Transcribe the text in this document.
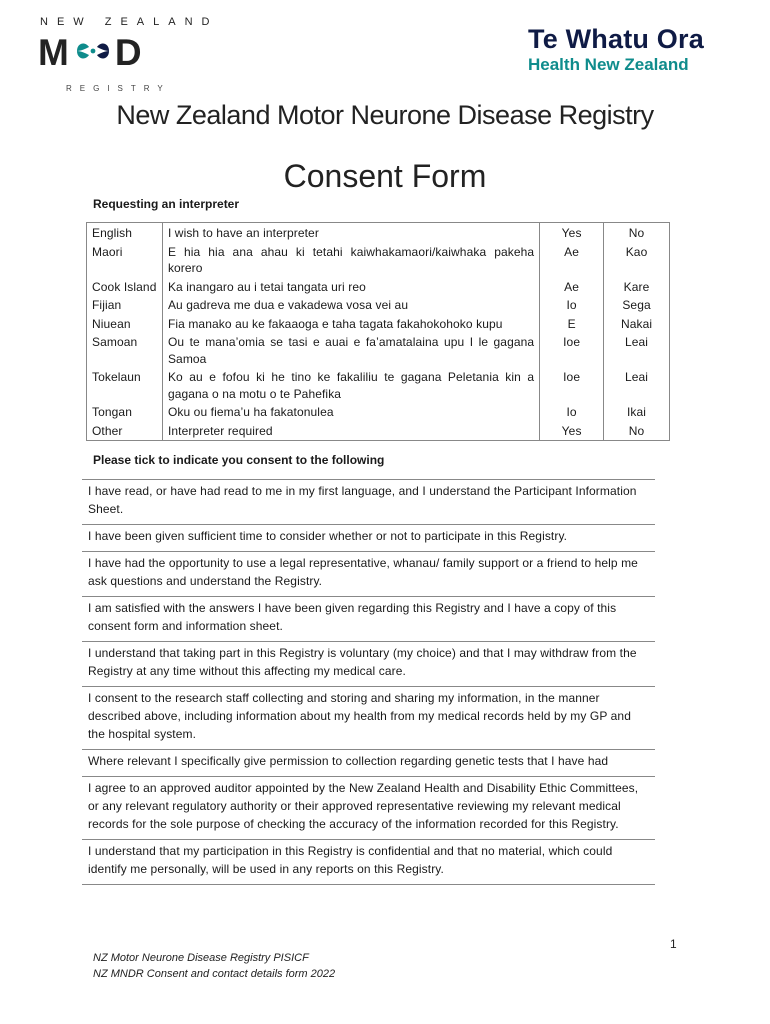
NEW ZEALAND
M D
REGISTRY
Te Whatu Ora
Health New Zealand
New Zealand Motor Neurone Disease Registry
Consent Form
Requesting an interpreter
English	I wish to have an interpreter	Yes	No
Maori	E hia hia ana ahau ki tetahi kaiwhakamaori/kaiwhaka pakeha korero	Ae	Kao
Cook Island	Ka inangaro au i tetai tangata uri reo	Ae	Kare
Fijian	Au gadreva me dua e vakadewa vosa vei au	Io	Sega
Niuean	Fia manako au ke fakaaoga e taha tagata fakahokohoko kupu	E	Nakai
Samoan	Ou te mana’omia se tasi e auai e fa’amatalaina upu I le gagana Samoa	Ioe	Leai
Tokelaun	Ko au e fofou ki he tino ke fakaliliu te gagana Peletania kin a gagana o na motu o te Pahefika	Ioe	Leai
Tongan	Oku ou fiema’u ha fakatonulea	Io	Ikai
Other	Interpreter required	Yes	No
Please tick to indicate you consent to the following
I have read, or have had read to me in my first language, and I understand the Participant Information Sheet.
I have been given sufficient time to consider whether or not to participate in this Registry.
I have had the opportunity to use a legal representative, whanau/ family support or a friend to help me ask questions and understand the Registry.
I am satisfied with the answers I have been given regarding this Registry and I have a copy of this consent form and information sheet.
I understand that taking part in this Registry is voluntary (my choice) and that I may withdraw from the Registry at any time without this affecting my medical care.
I consent to the research staff collecting and storing and sharing my information, in the manner described above, including information about my health from my medical records held by my GP and the hospital system.
Where relevant I specifically give permission to collection regarding genetic tests that I have had
I agree to an approved auditor appointed by the New Zealand Health and Disability Ethic Committees, or any relevant regulatory authority or their approved representative reviewing my relevant medical records for the sole purpose of checking the accuracy of the information recorded for this Registry.
I understand that my participation in this Registry is confidential and that no material, which could identify me personally, will be used in any reports on this Registry.
1
NZ Motor Neurone Disease Registry PISICF
NZ MNDR Consent and contact details form 2022
